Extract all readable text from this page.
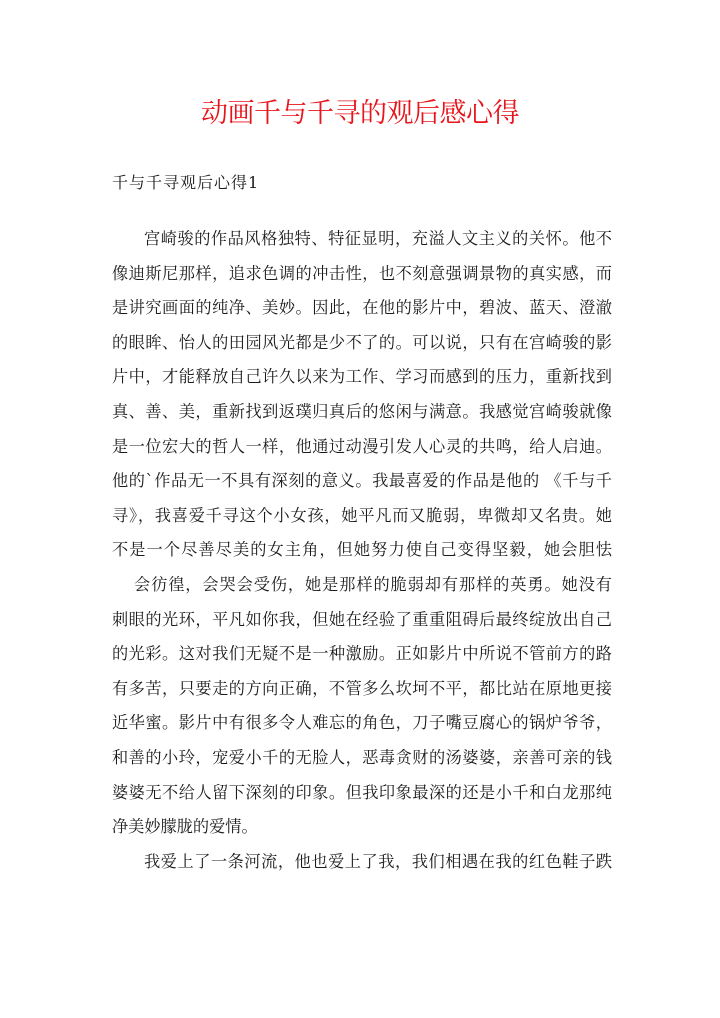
动画千与千寻的观后感心得
千与千寻观后心得1
宫崎骏的作品风格独特、特征显明，充溢人文主义的关怀。他不
像迪斯尼那样，追求色调的冲击性，也不刻意强调景物的真实感，而
是讲究画面的纯净、美妙。因此，在他的影片中，碧波、蓝天、澄澈
的眼眸、怡人的田园风光都是少不了的。可以说，只有在宫崎骏的影
片中，才能释放自己许久以来为工作、学习而感到的压力，重新找到
真、善、美，重新找到返璞归真后的悠闲与满意。我感觉宫崎骏就像
是一位宏大的哲人一样，他通过动漫引发人心灵的共鸣，给人启迪。
他的`作品无一不具有深刻的意义。我最喜爱的作品是他的 《千与千
寻》，我喜爱千寻这个小女孩，她平凡而又脆弱，卑微却又名贵。她
不是一个尽善尽美的女主角，但她努力使自己变得坚毅，她会胆怯
会彷徨，会哭会受伤，她是那样的脆弱却有那样的英勇。她没有
刺眼的光环，平凡如你我，但她在经验了重重阻碍后最终绽放出自己
的光彩。这对我们无疑不是一种激励。正如影片中所说不管前方的路
有多苦，只要走的方向正确，不管多么坎坷不平，都比站在原地更接
近华蜜。影片中有很多令人难忘的角色，刀子嘴豆腐心的锅炉爷爷，
和善的小玲，宠爱小千的无脸人，恶毒贪财的汤婆婆，亲善可亲的钱
婆婆无不给人留下深刻的印象。但我印象最深的还是小千和白龙那纯
净美妙朦胧的爱情。
我爱上了一条河流，他也爱上了我，我们相遇在我的红色鞋子跌
